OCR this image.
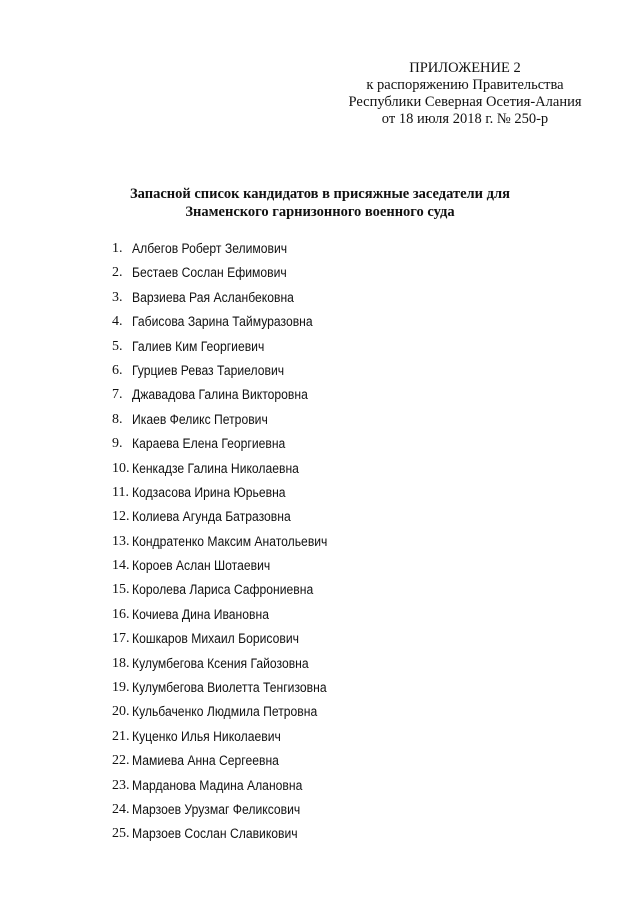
ПРИЛОЖЕНИЕ 2
к распоряжению Правительства
Республики Северная Осетия-Алания
от 18 июля 2018 г. № 250-р
Запасной список кандидатов в присяжные заседатели для
Знаменского гарнизонного военного суда
1. Албегов Роберт Зелимович
2. Бестаев Сослан Ефимович
3. Варзиева Рая Асланбековна
4. Габисова Зарина Таймуразовна
5. Галиев Ким Георгиевич
6. Гурциев Реваз Тариелович
7. Джавадова Галина Викторовна
8. Икаев Феликс Петрович
9. Караева Елена Георгиевна
10. Кенкадзе Галина Николаевна
11. Кодзасова Ирина Юрьевна
12. Колиева Агунда Батразовна
13. Кондратенко Максим Анатольевич
14. Короев Аслан Шотаевич
15. Королева Лариса Сафрониевна
16. Кочиева Дина Ивановна
17. Кошкаров Михаил Борисович
18. Кулумбегова Ксения Гайозовна
19. Кулумбегова Виолетта Тенгизовна
20. Кульбаченко Людмила Петровна
21. Куценко Илья Николаевич
22. Мамиева Анна Сергеевна
23. Марданова Мадина Алановна
24. Марзоев Урузмаг Феликсович
25. Марзоев Сослан Славикович
